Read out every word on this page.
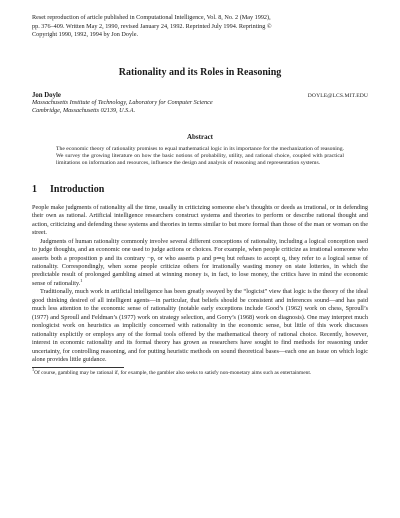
Reset reproduction of article published in Computational Intelligence, Vol. 8, No. 2 (May 1992),
pp. 376–409. Written May 2, 1990, revised January 24, 1992. Reprinted July 1994. Reprinting ©
Copyright 1990, 1992, 1994 by Jon Doyle.
Rationality and its Roles in Reasoning
Jon Doyle	DOYLE@LCS.MIT.EDU
Massachusetts Institute of Technology, Laboratory for Computer Science
Cambridge, Massachusetts 02139, U.S.A.
Abstract

The economic theory of rationality promises to equal mathematical logic in its importance for the mechanization of reasoning. We survey the growing literature on how the basic notions of probability, utility, and rational choice, coupled with practical limitations on information and resources, influence the design and analysis of reasoning and representation systems.

1	Introduction

People make judgments of rationality all the time, usually in criticizing someone else’s thoughts or deeds as irrational, or in defending their own as rational. Artificial intelligence researchers construct systems and theories to perform or describe rational thought and action, criticizing and defending these systems and theories in terms similar to but more formal than those of the man or woman on the street.

Judgments of human rationality commonly involve several different conceptions of rationality, including a logical conception used to judge thoughts, and an economic one used to judge actions or choices. For example, when people criticize as irrational someone who asserts both a proposition p and its contrary ¬p, or who asserts p and p⇒q but refuses to accept q, they refer to a logical sense of rationality. Correspondingly, when some people criticize others for irrationally wasting money on state lotteries, in which the predictable result of prolonged gambling aimed at winning money is, in fact, to lose money, the critics have in mind the economic sense of rationality.$^1$

Traditionally, much work in artificial intelligence has been greatly swayed by the “logicist” view that logic is the theory of the ideal good thinking desired of all intelligent agents—in particular, that beliefs should be consistent and inferences sound—and has paid much less attention to the economic sense of rationality (notable early exceptions include Good’s (1962) work on chess, Sproull’s (1977) and Sproull and Feldman’s (1977) work on strategy selection, and Gorry’s (1968) work on diagnosis). One may interpret much nonlogicist work on heuristics as implicitly concerned with rationality in the economic sense, but little of this work discusses rationality explicitly or employs any of the formal tools offered by the mathematical theory of rational choice. Recently, however, interest in economic rationality and its formal theory has grown as researchers have sought to find methods for reasoning under uncertainty, for controlling reasoning, and for putting heuristic methods on sound theoretical bases—each one an issue on which logic alone provides little guidance.

$^1$Of course, gambling may be rational if, for example, the gambler also seeks to satisfy non-monetary aims such as entertainment.
